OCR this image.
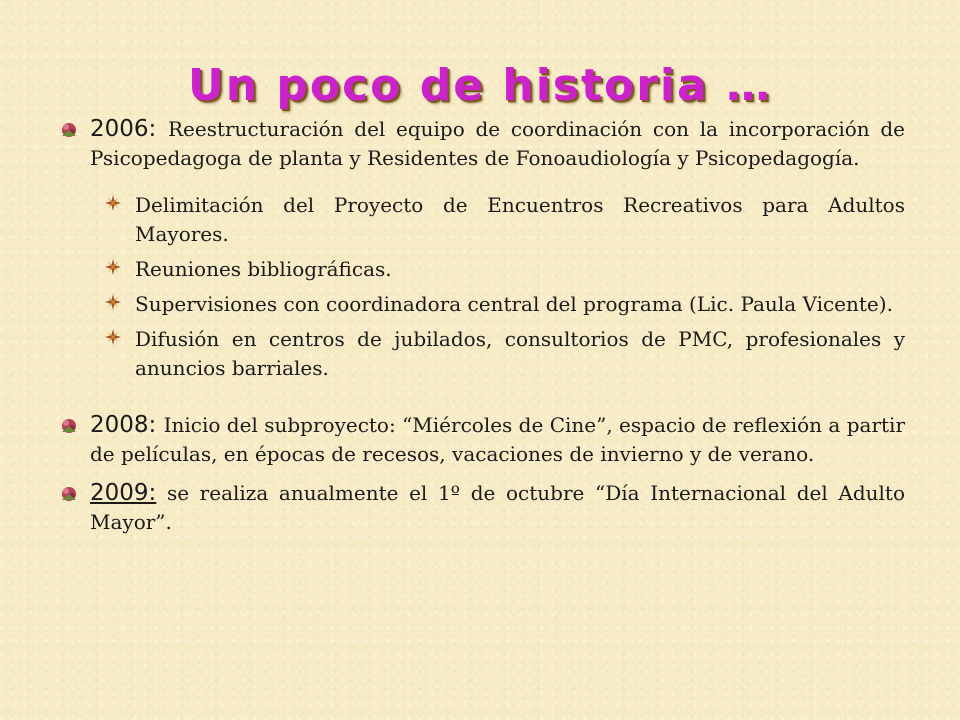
Un poco de historia …
2006: Reestructuración del equipo de coordinación con la incorporación de Psicopedagoga de planta y Residentes de Fonoaudiología y Psicopedagogía.
Delimitación del Proyecto de Encuentros Recreativos para Adultos Mayores.
Reuniones bibliográficas.
Supervisiones con coordinadora central del programa (Lic. Paula Vicente).
Difusión en centros de jubilados, consultorios de PMC, profesionales y anuncios barriales.
2008: Inicio del subproyecto: “Miércoles de Cine”, espacio de reflexión a partir de películas, en épocas de recesos, vacaciones de invierno y de verano.
2009: se realiza anualmente el 1º de octubre “Día Internacional del Adulto Mayor”.
